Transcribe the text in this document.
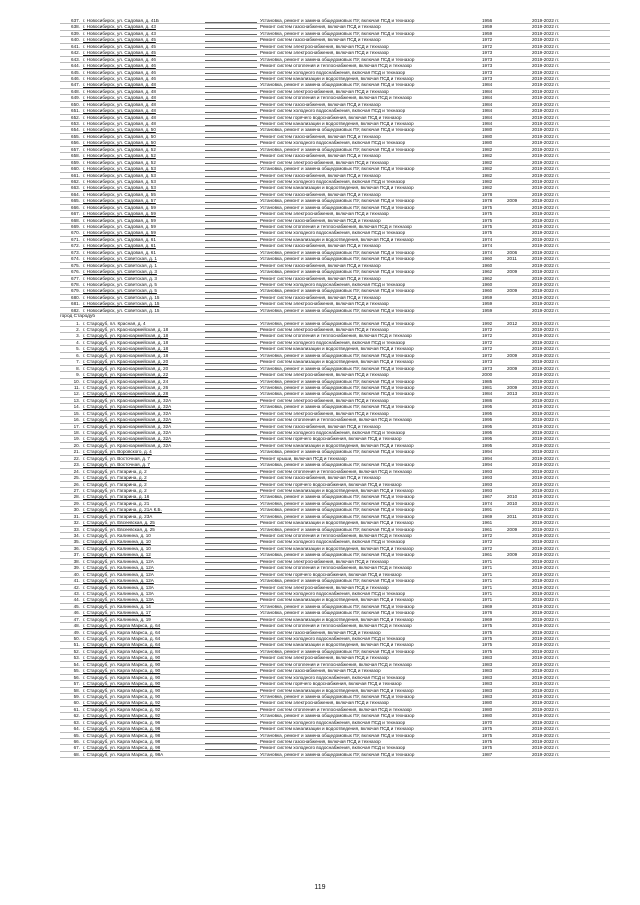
637. г. Новосибирск, ул. Садовая, д. 41Б	Установка, ремонт и замена общедомовых ПУ, включая ПСД и техназор	1956	2019-2022 гг.
638. г. Новосибирск, ул. Садовая, д. 43	Ремонт систем газоснабжения, включая ПСД и техназор	1959	2019-2022 гг.
639. г. Новосибирск, ул. Садовая, д. 43	Установка, ремонт и замена общедомовых ПУ, включая ПСД и техназор	1959	2019-2022 гг.
640. г. Новосибирск, ул. Садовая, д. 45	Ремонт систем газоснабжения, включая ПСД и техназор	1972	2019-2022 гг.
641. г. Новосибирск, ул. Садовая, д. 45	Ремонт систем электроснабжения, включая ПСД и техназор	1972	2019-2022 гг.
642. г. Новосибирск, ул. Садовая, д. 45	Ремонт систем электроснабжения, включая ПСД и техназор	1973	2019-2022 гг.
643. г. Новосибирск, ул. Садовая, д. 46	Установка, ремонт и замена общедомовых ПУ, включая ПСД и техназор	1973	2019-2022 гг.
644. г. Новосибирск, ул. Садовая, д. 46	Ремонт систем отопления и теплоснабжения, включая ПСД и техназор	1973	2019-2022 гг.
645. г. Новосибирск, ул. Садовая, д. 46	Ремонт систем холодного водоснабжения, включая ПСД и техназор	1973	2019-2022 гг.
646. г. Новосибирск, ул. Садовая, д. 46	Ремонт систем канализации и водоотведения, включая ПСД и техназор	1973	2019-2022 гг.
647. г. Новосибирск, ул. Садовая, д. 48	Установка, ремонт и замена общедомовых ПУ, включая ПСД и техназор	1984	2019-2022 гг.
648. г. Новосибирск, ул. Садовая, д. 48	Ремонт систем электроснабжения, включая ПСД и техназор	1984	2019-2022 гг.
649. г. Новосибирск, ул. Садовая, д. 48	Ремонт систем отопления и теплоснабжения, включая ПСД и техназор	1984	2019-2022 гг.
650. г. Новосибирск, ул. Садовая, д. 48	Ремонт систем газоснабжения, включая ПСД и техназор	1984	2019-2022 гг.
651. г. Новосибирск, ул. Садовая, д. 48	Ремонт систем холодного водоснабжения, включая ПСД и техназор	1984	2019-2022 гг.
652. г. Новосибирск, ул. Садовая, д. 48	Ремонт систем горячего водоснабжения, включая ПСД и техназор	1984	2019-2022 гг.
653. г. Новосибирск, ул. Садовая, д. 48	Ремонт систем канализации и водоотведения, включая ПСД и техназор	1984	2019-2022 гг.
654. г. Новосибирск, ул. Садовая, д. 50	Установка, ремонт и замена общедомовых ПУ, включая ПСД и техназор	1980	2019-2022 гг.
655. г. Новосибирск, ул. Садовая, д. 50	Ремонт систем газоснабжения, включая ПСД и техназор	1980	2019-2022 гг.
656. г. Новосибирск, ул. Садовая, д. 50	Ремонт систем холодного водоснабжения, включая ПСД и техназор	1980	2019-2022 гг.
657. г. Новосибирск, ул. Садовая, д. 52	Установка, ремонт и замена общедомовых ПУ, включая ПСД и техназор	1982	2019-2022 гг.
658. г. Новосибирск, ул. Садовая, д. 52	Ремонт систем газоснабжения, включая ПСД и техназор	1982	2019-2022 гг.
659. г. Новосибирск, ул. Садовая, д. 52	Ремонт систем электроснабжения, включая ПСД и техназор	1982	2019-2022 гг.
660. г. Новосибирск, ул. Садовая, д. 53	Установка, ремонт и замена общедомовых ПУ, включая ПСД и техназор	1982	2019-2022 гг.
661. г. Новосибирск, ул. Садовая, д. 53	Ремонт систем газоснабжения, включая ПСД и техназор	1982	2019-2022 гг.
662. г. Новосибирск, ул. Садовая, д. 53	Ремонт систем холодного водоснабжения, включая ПСД и техназор	1982	2019-2022 гг.
663. г. Новосибирск, ул. Садовая, д. 53	Ремонт систем канализации и водоотведения, включая ПСД и техназор	1982	2019-2022 гг.
664. г. Новосибирск, ул. Садовая, д. 55	Ремонт систем газоснабжения, включая ПСД и техназор	1978	2019-2022 гг.
665. г. Новосибирск, ул. Садовая, д. 57	Установка, ремонт и замена общедомовых ПУ, включая ПСД и техназор	1978	2009	2019-2022 гг.
666. г. Новосибирск, ул. Садовая, д. 59	Установка, ремонт и замена общедомовых ПУ, включая ПСД и техназор	1975	2019-2022 гг.
667. г. Новосибирск, ул. Садовая, д. 59	Ремонт систем электроснабжения, включая ПСД и техназор	1975	2019-2022 гг.
668. г. Новосибирск, ул. Садовая, д. 59	Ремонт систем газоснабжения, включая ПСД и техназор	1975	2019-2022 гг.
669. г. Новосибирск, ул. Садовая, д. 59	Ремонт систем отопления и теплоснабжения, включая ПСД и техназор	1975	2019-2022 гг.
670. г. Новосибирск, ул. Садовая, д. 59	Ремонт систем холодного водоснабжения, включая ПСД и техназор	1975	2019-2022 гг.
671. г. Новосибирск, ул. Садовая, д. 61	Ремонт систем канализации и водоотведения, включая ПСД и техназор	1974	2019-2022 гг.
672. г. Новосибирск, ул. Садовая, д. 61	Ремонт систем газоснабжения, включая ПСД и техназор	1974	2019-2022 гг.
673. г. Новосибирск, ул. Садовая, д. 61	Установка, ремонт и замена общедомовых ПУ, включая ПСД и техназор	1974	2006	2019-2022 гг.
674. г. Новосибирск, ул. Советская, д. 1	Установка, ремонт и замена общедомовых ПУ, включая ПСД и техназор	1960	2011	2019-2022 гг.
675. г. Новосибирск, ул. Советская, д. 1	Ремонт систем газоснабжения, включая ПСД и техназор	1960	2019-2022 гг.
676. г. Новосибирск, ул. Советская, д. 3	Установка, ремонт и замена общедомовых ПУ, включая ПСД и техназор	1962	2009	2019-2022 гг.
677. г. Новосибирск, ул. Советская, д. 3	Ремонт систем газоснабжения, включая ПСД и техназор	1962	2019-2022 гг.
678. г. Новосибирск, ул. Советская, д. 5	Ремонт систем холодного водоснабжения, включая ПСД и техназор	1960	2019-2022 гг.
679. г. Новосибирск, ул. Советская, д. 5	Установка, ремонт и замена общедомовых ПУ, включая ПСД и техназор	1960	2009	2019-2022 гг.
680. г. Новосибирск, ул. Советская, д. 15	Ремонт систем газоснабжения, включая ПСД и техназор	1959	2019-2022 гг.
681. г. Новосибирск, ул. Советская, д. 15	Ремонт систем электроснабжения, включая ПСД и техназор	1959	2019-2022 гг.
682. г. Новосибирск, ул. Советская, д. 15	Установка, ремонт и замена общедомовых ПУ, включая ПСД и техназор	1959	2019-2022 гг.
город Стародуб
1. г. Стародуб, пл. Красная, д. 4	Установка, ремонт и замена общедомовых ПУ, включая ПСД и техназор	1992	2012	2019-2022 гг.
2. г. Стародуб, ул. Красноармейская, д. 18	Ремонт систем электроснабжения, включая ПСД и техназор	1972	2019-2022 гг.
3. г. Стародуб, ул. Красноармейская, д. 18	Ремонт систем отопления и теплоснабжения, включая ПСД и техназор	1972	2019-2022 гг.
4. г. Стародуб, ул. Красноармейская, д. 18	Ремонт систем холодного водоснабжения, включая ПСД и техназор	1972	2019-2022 гг.
5. г. Стародуб, ул. Красноармейская, д. 18	Ремонт систем канализации и водоотведения, включая ПСД и техназор	1972	2019-2022 гг.
6. г. Стародуб, ул. Красноармейская, д. 18	Установка, ремонт и замена общедомовых ПУ, включая ПСД и техназор	1972	2009	2019-2022 гг.
7. г. Стародуб, ул. Красноармейская, д. 20	Ремонт систем канализации и водоотведения, включая ПСД и техназор	1973	2019-2022 гг.
8. г. Стародуб, ул. Красноармейская, д. 20	Установка, ремонт и замена общедомовых ПУ, включая ПСД и техназор	1973	2009	2019-2022 гг.
9. г. Стародуб, ул. Красноармейская, д. 22	Ремонт систем электроснабжения, включая ПСД и техназор	2000	2019-2022 гг.
10. г. Стародуб, ул. Красноармейская, д. 24	Установка, ремонт и замена общедомовых ПУ, включая ПСД и техназор	1985	2019-2022 гг.
11. г. Стародуб, ул. Красноармейская, д. 26	Установка, ремонт и замена общедомовых ПУ, включая ПСД и техназор	1981	2009	2019-2022 гг.
12. г. Стародуб, ул. Красноармейская, д. 28	Установка, ремонт и замена общедомовых ПУ, включая ПСД и техназор	1984	2013	2019-2022 гг.
13. г. Стародуб, ул. Красноармейская, д. 32А	Ремонт систем электроснабжения, включая ПСД и техназор	1986	2019-2022 гг.
14. г. Стародуб, ул. Красноармейская, д. 32А	Установка, ремонт и замена общедомовых ПУ, включая ПСД и техназор	1995	2019-2022 гг.
15. г. Стародуб, ул. Красноармейская, д. 32А	Ремонт систем электроснабжения, включая ПСД и техназор	1995	2019-2022 гг.
16. г. Стародуб, ул. Красноармейская, д. 32А	Ремонт систем отопления и теплоснабжения, включая ПСД и техназор	1995	2019-2022 гг.
17. г. Стародуб, ул. Красноармейская, д. 32А	Ремонт систем газоснабжения, включая ПСД и техназор	1995	2019-2022 гг.
18. г. Стародуб, ул. Красноармейская, д. 32А	Ремонт систем холодного водоснабжения, включая ПСД и техназор	1995	2019-2022 гг.
19. г. Стародуб, ул. Красноармейская, д. 32А	Ремонт систем горячего водоснабжения, включая ПСД и техназор	1995	2019-2022 гг.
20. г. Стародуб, ул. Красноармейская, д. 32А	Ремонт систем канализации и водоотведения, включая ПСД и техназор	1995	2019-2022 гг.
21. г. Стародуб, ул. Воровского, д. 4	Установка, ремонт и замена общедомовых ПУ, включая ПСД и техназор	1994	2019-2022 гг.
22. г. Стародуб, ул. Восточная, д. 7	Ремонт крыши, включая ПСД и техназор	1994	2019-2022 гг.
23. г. Стародуб, ул. Восточная, д. 7	Установка, ремонт и замена общедомовых ПУ, включая ПСД и техназор	1994	2019-2022 гг.
24. г. Стародуб, ул. Гагарина, д. 2	Ремонт систем отопления и теплоснабжения, включая ПСД и техназор	1993	2019-2022 гг.
25. г. Стародуб, ул. Гагарина, д. 2	Ремонт систем газоснабжения, включая ПСД и техназор	1993	2019-2022 гг.
26. г. Стародуб, ул. Гагарина, д. 2	Ремонт систем горячего водоснабжения, включая ПСД и техназор	1993	2019-2022 гг.
27. г. Стародуб, ул. Гагарина, д. 2	Ремонт систем канализации и водоотведения, включая ПСД и техназор	1993	2019-2022 гг.
28. г. Стародуб, ул. Гагарина, д. 16	Установка, ремонт и замена общедомовых ПУ, включая ПСД и техназор	1967	2010	2019-2022 гг.
29. г. Стародуб, ул. Гагарина, д. 21	Установка, ремонт и замена общедомовых ПУ, включая ПСД и техназор	1974	2010	2019-2022 гг.
30. г. Стародуб, ул. Гагарина, д. 21А К.Б.	Установка, ремонт и замена общедомовых ПУ, включая ПСД и техназор	1991	2019-2022 гг.
31. г. Стародуб, ул. Гагарина, д. 23А	Установка, ремонт и замена общедомовых ПУ, включая ПСД и техназор	1969	2011	2019-2022 гг.
32. г. Стародуб, ул. Евсеевская, д. 25	Ремонт систем канализации и водоотведения, включая ПСД и техназор	1961	2019-2022 гг.
33. г. Стародуб, ул. Евсеевская, д. 25	Установка, ремонт и замена общедомовых ПУ, включая ПСД и техназор	1961	2009	2019-2022 гг.
34. г. Стародуб, ул. Калинина, д. 10	Ремонт систем отопления и теплоснабжения, включая ПСД и техназор	1972	2019-2022 гг.
35. г. Стародуб, ул. Калинина, д. 10	Ремонт систем холодного водоснабжения, включая ПСД и техназор	1972	2019-2022 гг.
36. г. Стародуб, ул. Калинина, д. 10	Ремонт систем канализации и водоотведения, включая ПСД и техназор	1972	2019-2022 гг.
37. г. Стародуб, ул. Калинина, д. 12	Установка, ремонт и замена общедомовых ПУ, включая ПСД и техназор	1961	2009	2019-2022 гг.
38. г. Стародуб, ул. Калинина, д. 12А	Ремонт систем электроснабжения, включая ПСД и техназор	1971	2019-2022 гг.
39. г. Стародуб, ул. Калинина, д. 12А	Ремонт систем отопления и теплоснабжения, включая ПСД и техназор	1971	2019-2022 гг.
40. г. Стародуб, ул. Калинина, д. 12А	Ремонт систем горячего водоснабжения, включая ПСД и техназор	1971	2019-2022 гг.
41. г. Стародуб, ул. Калинина, д. 12А	Установка, ремонт и замена общедомовых ПУ, включая ПСД и техназор	1971	2019-2022 гг.
42. г. Стародуб, ул. Калинина, д. 13А	Ремонт систем электроснабжения, включая ПСД и техназор	1971	2019-2022 гг.
43. г. Стародуб, ул. Калинина, д. 13А	Ремонт систем холодного водоснабжения, включая ПСД и техназор	1971	2019-2022 гг.
44. г. Стародуб, ул. Калинина, д. 13А	Ремонт систем канализации и водоотведения, включая ПСД и техназор	1971	2019-2022 гг.
45. г. Стародуб, ул. Калинина, д. 14	Установка, ремонт и замена общедомовых ПУ, включая ПСД и техназор	1969	2019-2022 гг.
46. г. Стародуб, ул. Калинина, д. 17	Установка, ремонт и замена общедомовых ПУ, включая ПСД и техназор	1976	2019-2022 гг.
47. г. Стародуб, ул. Калинина, д. 19	Ремонт систем канализации и водоотведения, включая ПСД и техназор	1969	2019-2022 гг.
48. г. Стародуб, ул. Карла Маркса, д. 64	Ремонт систем отопления и теплоснабжения, включая ПСД и техназор	1975	2019-2022 гг.
49. г. Стародуб, ул. Карла Маркса, д. 64	Ремонт систем газоснабжения, включая ПСД и техназор	1975	2019-2022 гг.
50. г. Стародуб, ул. Карла Маркса, д. 64	Ремонт систем холодного водоснабжения, включая ПСД и техназор	1975	2019-2022 гг.
51. г. Стародуб, ул. Карла Маркса, д. 64	Ремонт систем канализации и водоотведения, включая ПСД и техназор	1975	2019-2022 гг.
52. г. Стародуб, ул. Карла Маркса, д. 84	Установка, ремонт и замена общедомовых ПУ, включая ПСД и техназор	1975	2019-2022 гг.
53. г. Стародуб, ул. Карла Маркса, д. 90	Ремонт систем электроснабжения, включая ПСД и техназор	1983	2019-2022 гг.
54. г. Стародуб, ул. Карла Маркса, д. 90	Ремонт систем отопления и теплоснабжения, включая ПСД и техназор	1983	2019-2022 гг.
55. г. Стародуб, ул. Карла Маркса, д. 90	Ремонт систем газоснабжения, включая ПСД и техназор	1983	2019-2022 гг.
56. г. Стародуб, ул. Карла Маркса, д. 90	Ремонт систем холодного водоснабжения, включая ПСД и техназор	1983	2019-2022 гг.
57. г. Стародуб, ул. Карла Маркса, д. 90	Ремонт систем горячего водоснабжения, включая ПСД и техназор	1983	2019-2022 гг.
58. г. Стародуб, ул. Карла Маркса, д. 90	Ремонт систем канализации и водоотведения, включая ПСД и техназор	1983	2019-2022 гг.
59. г. Стародуб, ул. Карла Маркса, д. 90	Установка, ремонт и замена общедомовых ПУ, включая ПСД и техназор	1983	2019-2022 гг.
60. г. Стародуб, ул. Карла Маркса, д. 92	Ремонт систем электроснабжения, включая ПСД и техназор	1980	2019-2022 гг.
61. г. Стародуб, ул. Карла Маркса, д. 92	Ремонт систем отопления и теплоснабжения, включая ПСД и техназор	1980	2019-2022 гг.
62. г. Стародуб, ул. Карла Маркса, д. 92	Установка, ремонт и замена общедомовых ПУ, включая ПСД и техназор	1980	2019-2022 гг.
63. г. Стародуб, ул. Карла Маркса, д. 96	Ремонт систем холодного водоснабжения, включая ПСД и техназор	1970	2019-2022 гг.
64. г. Стародуб, ул. Карла Маркса, д. 98	Ремонт систем канализации и водоотведения, включая ПСД и техназор	1975	2019-2022 гг.
65. г. Стародуб, ул. Карла Маркса, д. 98	Установка, ремонт и замена общедомовых ПУ, включая ПСД и техназор	1975	2019-2022 гг.
66. г. Стародуб, ул. Карла Маркса, д. 98	Ремонт систем газоснабжения, включая ПСД и техназор	1975	2019-2022 гг.
67. г. Стародуб, ул. Карла Маркса, д. 98	Ремонт систем холодного водоснабжения, включая ПСД и техназор	1975	2019-2022 гг.
68. г. Стародуб, ул. Карла Маркса, д. 98А	Установка, ремонт и замена общедомовых ПУ, включая ПСД и техназор	1987	2019-2022 гг.
119
